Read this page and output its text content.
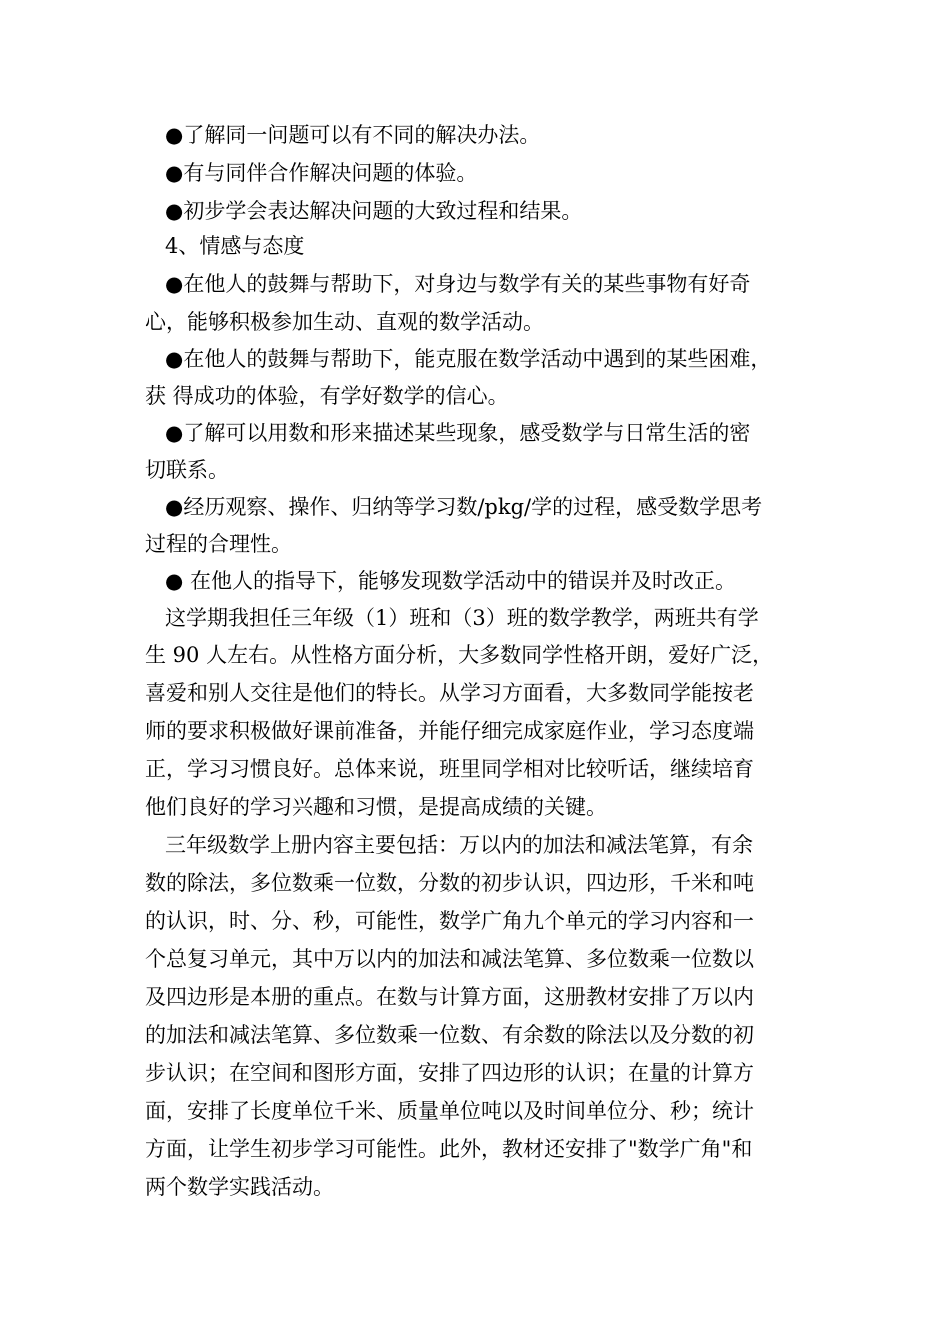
●了解同一问题可以有不同的解决办法。
●有与同伴合作解决问题的体验。
●初步学会表达解决问题的大致过程和结果。
4、情感与态度
●在他人的鼓舞与帮助下，对身边与数学有关的某些事物有好奇
心，能够积极参加生动、直观的数学活动。
●在他人的鼓舞与帮助下，能克服在数学活动中遇到的某些困难，
获 得成功的体验，有学好数学的信心。
●了解可以用数和形来描述某些现象，感受数学与日常生活的密
切联系。
●经历观察、操作、归纳等学习数/pkg/学的过程，感受数学思考
过程的合理性。
● 在他人的指导下，能够发现数学活动中的错误并及时改正。
这学期我担任三年级（1）班和（3）班的数学教学，两班共有学
生 90 人左右。从性格方面分析，大多数同学性格开朗，爱好广泛，
喜爱和别人交往是他们的特长。从学习方面看，大多数同学能按老
师的要求积极做好课前准备，并能仔细完成家庭作业，学习态度端
正，学习习惯良好。总体来说，班里同学相对比较听话，继续培育
他们良好的学习兴趣和习惯，是提高成绩的关键。
三年级数学上册内容主要包括：万以内的加法和减法笔算，有余
数的除法，多位数乘一位数，分数的初步认识，四边形，千米和吨
的认识，时、分、秒，可能性，数学广角九个单元的学习内容和一
个总复习单元，其中万以内的加法和减法笔算、多位数乘一位数以
及四边形是本册的重点。在数与计算方面，这册教材安排了万以内
的加法和减法笔算、多位数乘一位数、有余数的除法以及分数的初
步认识；在空间和图形方面，安排了四边形的认识；在量的计算方
面，安排了长度单位千米、质量单位吨以及时间单位分、秒；统计
方面，让学生初步学习可能性。此外，教材还安排了"数学广角"和
两个数学实践活动。
